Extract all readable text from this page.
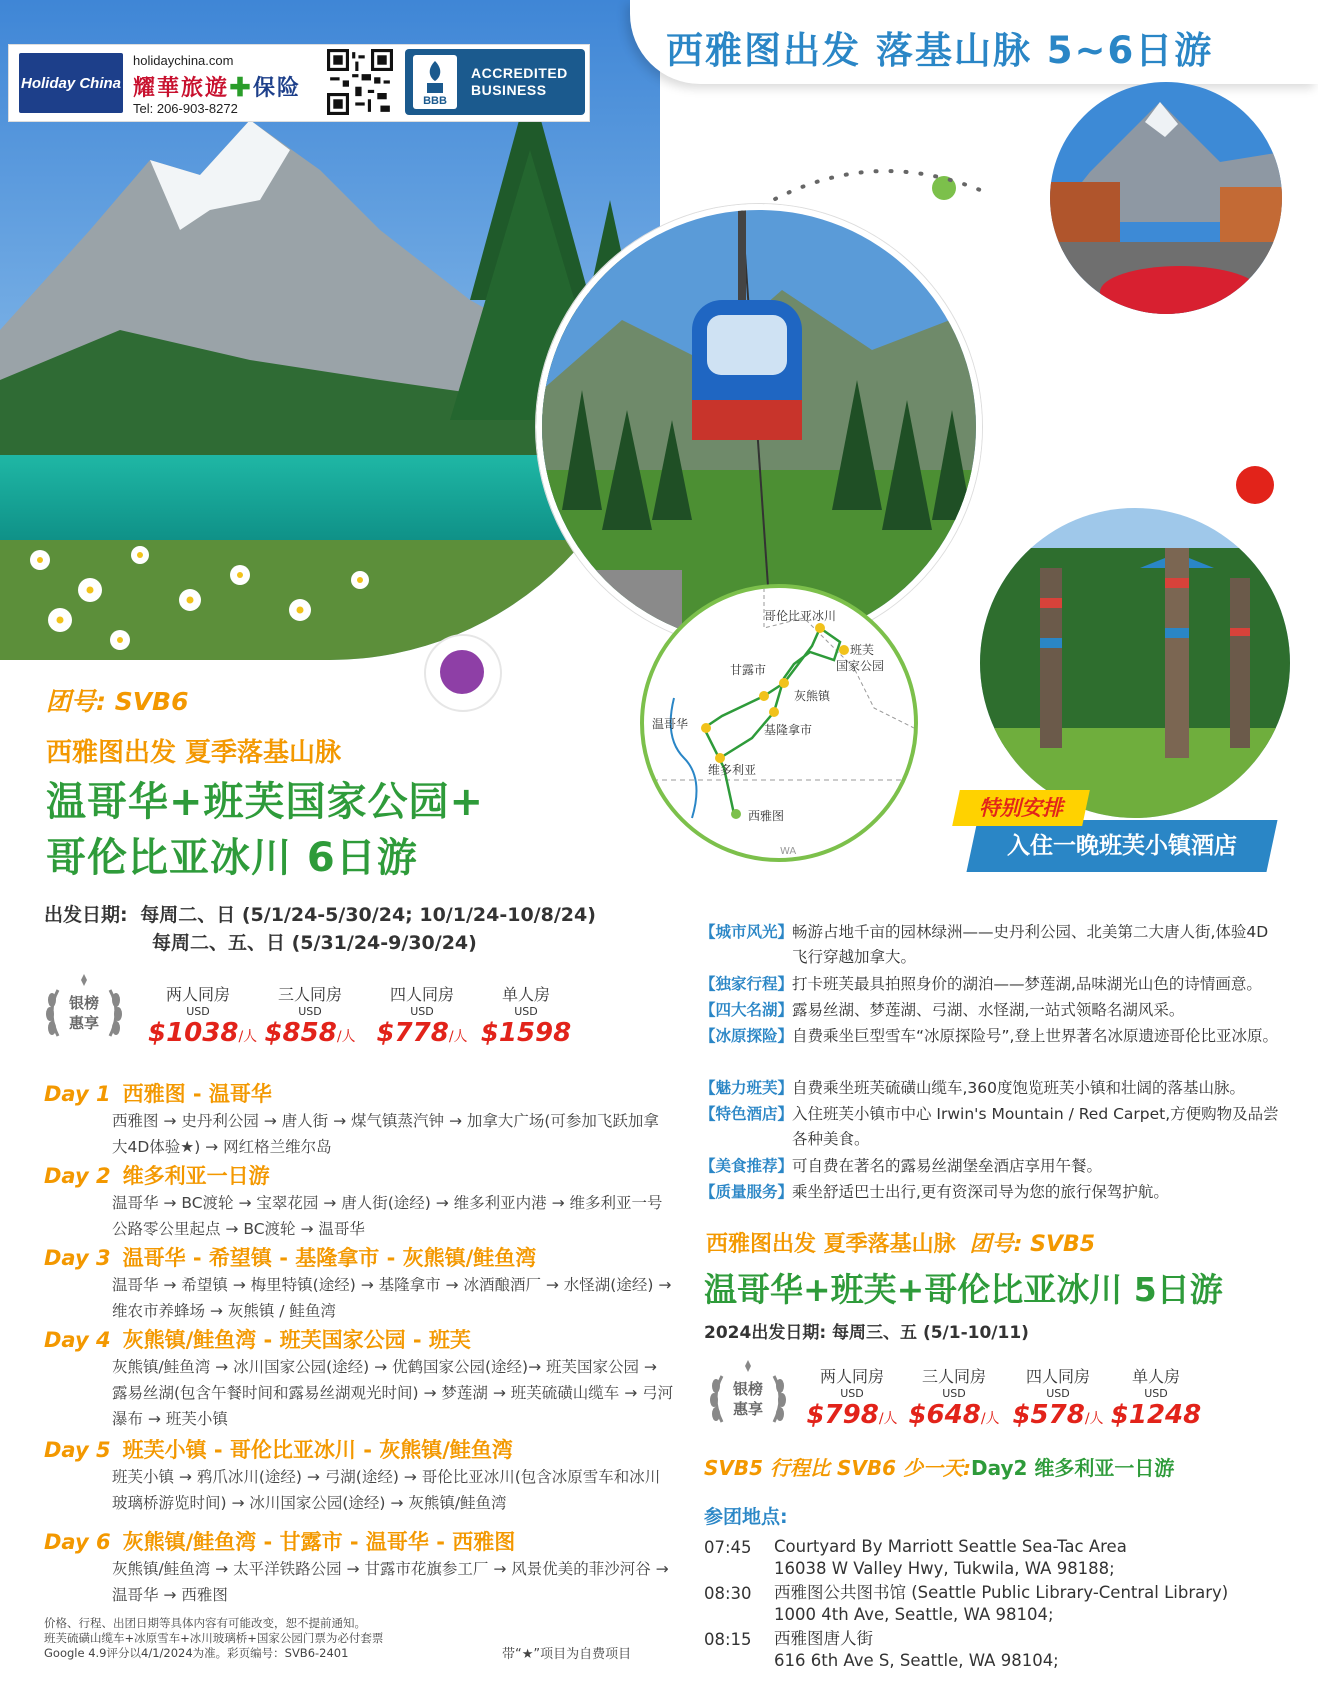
Holiday China
holidaychina.com
耀華旅遊✚保险
Tel: 206-903-8272	BBB
ACCREDITED
BUSINESS
西雅图出发 落基山脉 5~6日游
哥伦比亚冰川
班芙
国家公园
甘露市
灰熊镇
基隆拿市
温哥华
维多利亚
西雅图
WA	入住一晚班芙小镇酒店
特别安排
团号: SVB6
西雅图出发 夏季落基山脉
温哥华+班芙国家公园+
哥伦比亚冰川 6日游
出发日期: 每周二、日 (5/1/24-5/30/24; 10/1/24-10/8/24)
每周二、五、日 (5/31/24-9/30/24)
银榜
惠享
两人同房
USD
$1038/人
三人同房
USD
$858/人
四人同房
USD
$778/人
单人房
USD
$1598
Day 1 西雅图 - 温哥华
西雅图 → 史丹利公园 → 唐人街 → 煤气镇蒸汽钟 → 加拿大广场(可参加飞跃加拿大4D体验★) → 网红格兰维尔岛
Day 2 维多利亚一日游
温哥华 → BC渡轮 → 宝翠花园 → 唐人街(途经) → 维多利亚内港 → 维多利亚一号公路零公里起点 → BC渡轮 → 温哥华
Day 3 温哥华 - 希望镇 - 基隆拿市 - 灰熊镇/鲑鱼湾
温哥华 → 希望镇 → 梅里特镇(途经) → 基隆拿市 → 冰酒酿酒厂 → 水怪湖(途经) → 维农市养蜂场 → 灰熊镇 / 鲑鱼湾
Day 4 灰熊镇/鲑鱼湾 - 班芙国家公园 - 班芙
灰熊镇/鲑鱼湾 → 冰川国家公园(途经) → 优鹤国家公园(途经)→ 班芙国家公园 → 露易丝湖(包含午餐时间和露易丝湖观光时间) → 梦莲湖 → 班芙硫磺山缆车 → 弓河瀑布 → 班芙小镇
Day 5 班芙小镇 - 哥伦比亚冰川 - 灰熊镇/鲑鱼湾
班芙小镇 → 鸦爪冰川(途经) → 弓湖(途经) → 哥伦比亚冰川(包含冰原雪车和冰川玻璃桥游览时间) → 冰川国家公园(途经) → 灰熊镇/鲑鱼湾
Day 6 灰熊镇/鲑鱼湾 - 甘露市 - 温哥华 - 西雅图
灰熊镇/鲑鱼湾 → 太平洋铁路公园 → 甘露市花旗参工厂 → 风景优美的菲沙河谷 → 温哥华 → 西雅图
价格、行程、出团日期等具体内容有可能改变，恕不提前通知。
班芙硫磺山缆车+冰原雪车+冰川玻璃桥+国家公园门票为必付套票
Google 4.9评分以4/1/2024为准。彩页编号：SVB6-2401	带“★”项目为自费项目
【城市风光】畅游占地千亩的园林绿洲——史丹利公园、北美第二大唐人街,体验4D飞行穿越加拿大。
【独家行程】打卡班芙最具拍照身价的湖泊——梦莲湖,品味湖光山色的诗情画意。
【四大名湖】露易丝湖、梦莲湖、弓湖、水怪湖,一站式领略名湖风采。
【冰原探险】自费乘坐巨型雪车“冰原探险号”,登上世界著名冰原遗迹哥伦比亚冰原。
【魅力班芙】自费乘坐班芙硫磺山缆车,360度饱览班芙小镇和壮阔的落基山脉。
【特色酒店】入住班芙小镇市中心 Irwin's Mountain / Red Carpet,方便购物及品尝各种美食。
【美食推荐】可自费在著名的露易丝湖堡垒酒店享用午餐。
【质量服务】乘坐舒适巴士出行,更有资深司导为您的旅行保驾护航。
西雅图出发 夏季落基山脉 团号: SVB5
温哥华+班芙+哥伦比亚冰川 5日游
2024出发日期: 每周三、五 (5/1-10/11)
银榜
惠享
两人同房
USD
$798/人
三人同房
USD
$648/人
四人同房
USD
$578/人
单人房
USD
$1248
SVB5 行程比 SVB6 少一天:Day2 维多利亚一日游
参团地点:
07:45 Courtyard By Marriott Seattle Sea-Tac Area
16038 W Valley Hwy, Tukwila, WA 98188;
08:30 西雅图公共图书馆 (Seattle Public Library-Central Library)
1000 4th Ave, Seattle, WA 98104;
08:15 西雅图唐人街
616 6th Ave S, Seattle, WA 98104;
